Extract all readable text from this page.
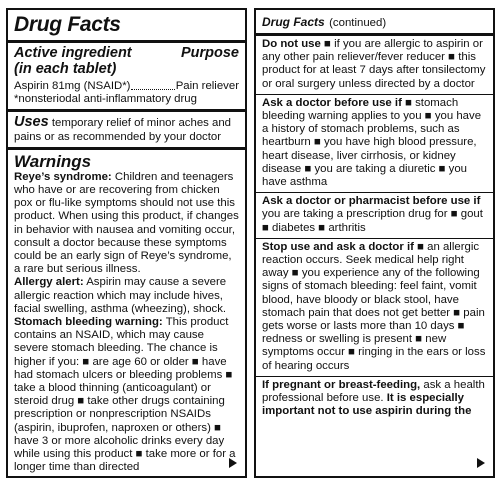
Drug Facts
Active ingredient
(in each tablet)
Purpose
Aspirin 81mg (NSAID*)	Pain reliever
*nonsteriodal anti-inflammatory drug
Uses temporary relief of minor aches and pains or as recommended by your doctor
Warnings
Reye’s syndrome: Children and teenagers who have or are recovering from chicken pox or flu-like symptoms should not use this product. When using this product, if changes in behavior with nausea and vomiting occur, consult a doctor because these symptoms could be an early sign of Reye’s syndrome, a rare but serious illness.
Allergy alert: Aspirin may cause a severe allergic reaction which may include hives, facial swelling, asthma (wheezing), shock.
Stomach bleeding warning: This product contains an NSAID, which may cause severe stomach bleeding. The chance is higher if you: ■ are age 60 or older ■ have had stomach ulcers or bleeding problems ■ take a blood thinning (anticoagulant) or steroid drug ■ take other drugs containing prescription or nonprescription NSAIDs (aspirin, ibuprofen, naproxen or others) ■ have 3 or more alcoholic drinks every day while using this product ■ take more or for a longer time than directed
Drug Facts (continued)
Do not use ■ if you are allergic to aspirin or any other pain reliever/fever reducer ■ this product for at least 7 days after tonsilectomy or oral surgery unless directed by a doctor
Ask a doctor before use if ■ stomach bleeding warning applies to you ■ you have a history of stomach problems, such as heartburn ■ you have high blood pressure, heart disease, liver cirrhosis, or kidney disease ■ you are taking a diuretic ■ you have asthma
Ask a doctor or pharmacist before use if you are taking a prescription drug for ■ gout ■ diabetes ■ arthritis
Stop use and ask a doctor if ■ an allergic reaction occurs. Seek medical help right away ■ you experience any of the following signs of stomach bleeding: feel faint, vomit blood, have bloody or black stool, have stomach pain that does not get better ■ pain gets worse or lasts more than 10 days ■ redness or swelling is present ■ new symptoms occur ■ ringing in the ears or loss of hearing occurs
If pregnant or breast-feeding, ask a health professional before use. It is especially important not to use aspirin during the
